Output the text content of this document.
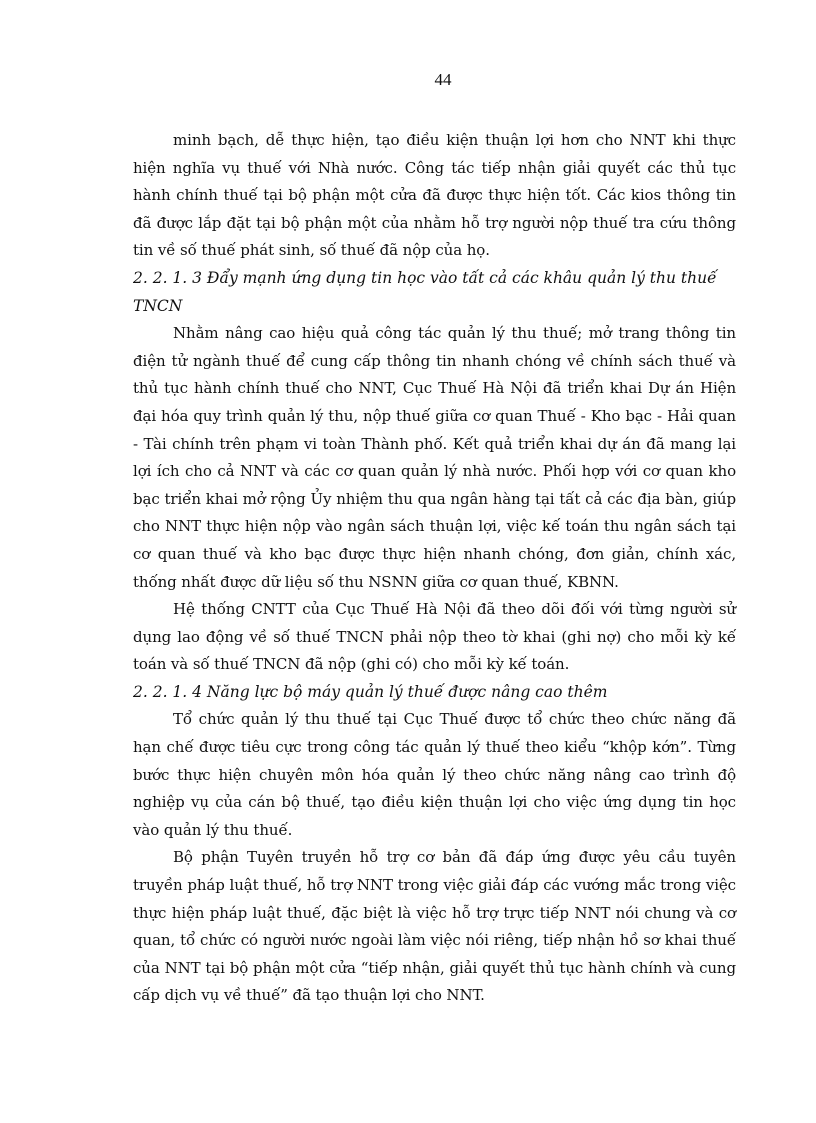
44

minh bạch, dễ thực hiện, tạo điều kiện thuận lợi hơn cho NNT khi thực hiện nghĩa vụ thuế với Nhà nước. Công tác tiếp nhận giải quyết các thủ tục hành chính thuế tại bộ phận một cửa đã được thực hiện tốt. Các kios thông tin đã được lắp đặt tại bộ phận một của nhằm hỗ trợ người nộp thuế tra cứu thông tin về số thuế phát sinh, số thuế đã nộp của họ.

2. 2. 1. 3 Đẩy mạnh ứng dụng tin học vào tất cả các khâu quản lý thu thuế TNCN

Nhằm nâng cao hiệu quả công tác quản lý thu thuế; mở trang thông tin điện tử ngành thuế để cung cấp thông tin nhanh chóng về chính sách thuế và thủ tục hành chính thuế cho NNT, Cục Thuế Hà Nội đã triển khai Dự án Hiện đại hóa quy trình quản lý thu, nộp thuế giữa cơ quan Thuế - Kho bạc - Hải quan - Tài chính trên phạm vi toàn Thành phố. Kết quả triển khai dự án đã mang lại lợi ích cho cả NNT và các cơ quan quản lý nhà nước. Phối hợp với cơ quan kho bạc triển khai mở rộng Ủy nhiệm thu qua ngân hàng tại tất cả các địa bàn, giúp cho NNT thực hiện nộp vào ngân sách thuận lợi, việc kế toán thu ngân sách tại cơ quan thuế và kho bạc được thực hiện nhanh chóng, đơn giản, chính xác, thống nhất được dữ liệu số thu NSNN giữa cơ quan thuế, KBNN.

Hệ thống CNTT của Cục Thuế Hà Nội đã theo dõi đối với từng người sử dụng lao động về số thuế TNCN phải nộp theo tờ khai (ghi nợ) cho mỗi kỳ kế toán và số thuế TNCN đã nộp (ghi có) cho mỗi kỳ kế toán.

2. 2. 1. 4 Năng lực bộ máy quản lý thuế được nâng cao thêm

Tổ chức quản lý thu thuế tại Cục Thuế được tổ chức theo chức năng đã hạn chế được tiêu cực trong công tác quản lý thuế theo kiểu “khộp kớn”. Từng bước thực hiện chuyên môn hóa quản lý theo chức năng nâng cao trình độ nghiệp vụ của cán bộ thuế, tạo điều kiện thuận lợi cho việc ứng dụng tin học vào quản lý thu thuế.

Bộ phận Tuyên truyền hỗ trợ cơ bản đã đáp ứng được yêu cầu tuyên truyền pháp luật thuế, hỗ trợ NNT trong việc giải đáp các vướng mắc trong việc thực hiện pháp luật thuế, đặc biệt là việc hỗ trợ trực tiếp NNT nói chung và cơ quan, tổ chức có người nước ngoài làm việc nói riêng, tiếp nhận hồ sơ khai thuế của NNT tại bộ phận một cửa “tiếp nhận, giải quyết thủ tục hành chính và cung cấp dịch vụ về thuế” đã tạo thuận lợi cho NNT.
